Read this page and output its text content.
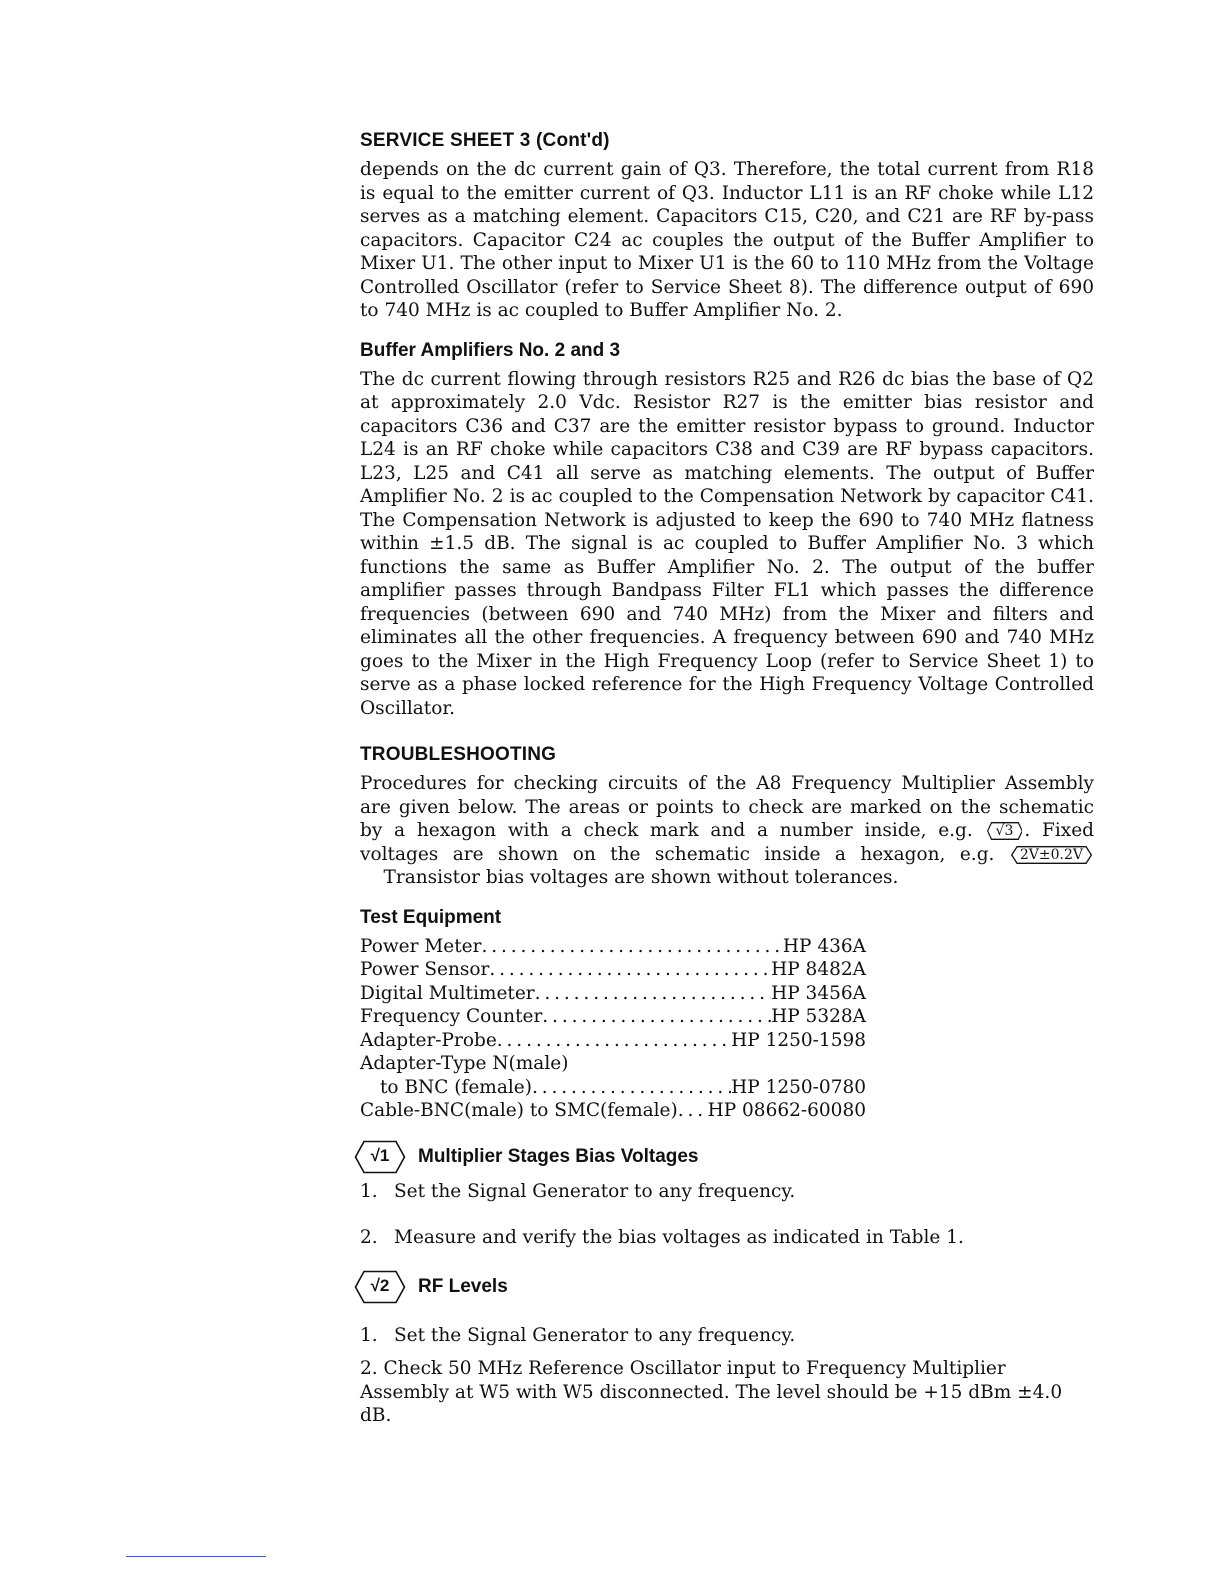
SERVICE SHEET 3 (Cont'd)

depends on the dc current gain of Q3. Therefore, the total current from R18 is equal to the emitter current of Q3. Inductor L11 is an RF choke while L12 serves as a matching element. Capacitors C15, C20, and C21 are RF by-pass capacitors. Capacitor C24 ac couples the output of the Buffer Amplifier to Mixer U1. The other input to Mixer U1 is the 60 to 110 MHz from the Voltage Controlled Oscillator (refer to Service Sheet 8). The difference output of 690 to 740 MHz is ac coupled to Buffer Amplifier No. 2.

Buffer Amplifiers No. 2 and 3

The dc current flowing through resistors R25 and R26 dc bias the base of Q2 at approximately 2.0 Vdc. Resistor R27 is the emitter bias resistor and capacitors C36 and C37 are the emitter resistor bypass to ground. Inductor L24 is an RF choke while capacitors C38 and C39 are RF bypass capacitors. L23, L25 and C41 all serve as matching elements. The output of Buffer Amplifier No. 2 is ac coupled to the Compensation Network by capacitor C41. The Compensation Network is adjusted to keep the 690 to 740 MHz flatness within ±1.5 dB. The signal is ac coupled to Buffer Amplifier No. 3 which functions the same as Buffer Amplifier No. 2. The output of the buffer amplifier passes through Bandpass Filter FL1 which passes the difference frequencies (between 690 and 740 MHz) from the Mixer and filters and eliminates all the other frequencies. A frequency between 690 and 740 MHz goes to the Mixer in the High Frequency Loop (refer to Service Sheet 1) to serve as a phase locked reference for the High Frequency Voltage Controlled Oscillator.

TROUBLESHOOTING

Procedures for checking circuits of the A8 Frequency Multiplier Assembly are given below. The areas or points to check are marked on the schematic by a hexagon with a check mark and a number inside, e.g. √3 . Fixed voltages are shown on the schematic inside a hexagon, e.g. 2V±0.2V     Transistor bias voltages are shown without tolerances.

Test Equipment
Power Meter . . .	HP 436A
Power Sensor . . .	HP 8482A
Digital Multimeter . . .	HP 3456A
Frequency Counter . . .	HP 5328A
Adapter-Probe . . .	HP 1250-1598
Adapter-Type N(male)
to BNC (female) . . .	HP 1250-0780
Cable-BNC(male) to SMC(female) . . . HP 08662-60080
√1	Multiplier Stages Bias Voltages

1. Set the Signal Generator to any frequency.

2. Measure and verify the bias voltages as indicated in Table 1.

√2	RF Levels

1. Set the Signal Generator to any frequency.

2. Check 50 MHz Reference Oscillator input to Frequency Multiplier Assembly at W5 with W5 disconnected. The level should be +15 dBm ±4.0 dB.
